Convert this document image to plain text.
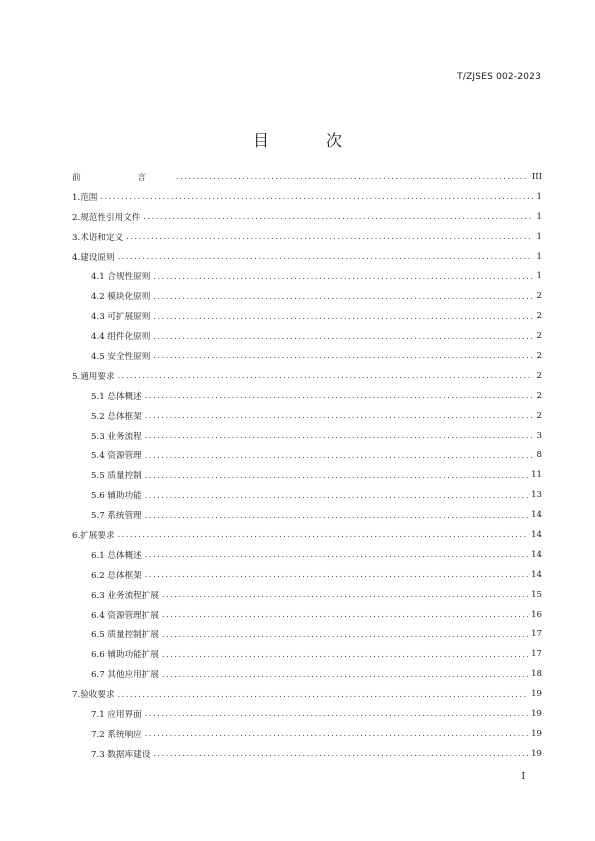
T/ZJSES 002-2023
目 次
前 言 .....	III
1.范围 .....	1
2.规范性引用文件 .....	1
3.术语和定义 .....	1
4.建设原则 .....	1
4.1 合规性原则 .....	1
4.2 模块化原则 .....	2
4.3 可扩展原则 .....	2
4.4 组件化原则 .....	2
4.5 安全性原则 .....	2
5.通用要求 .....	2
5.1 总体概述 .....	2
5.2 总体框架 .....	2
5.3 业务流程 .....	3
5.4 资源管理 .....	8
5.5 质量控制 .....	11
5.6 辅助功能 .....	13
5.7 系统管理 .....	14
6.扩展要求 .....	14
6.1 总体概述 .....	14
6.2 总体框架 .....	14
6.3 业务流程扩展 .....	15
6.4 资源管理扩展 .....	16
6.5 质量控制扩展 .....	17
6.6 辅助功能扩展 .....	17
6.7 其他应用扩展 .....	18
7.验收要求 .....	19
7.1 应用界面 .....	19
7.2 系统响应 .....	19
7.3 数据库建设 .....	19
I
